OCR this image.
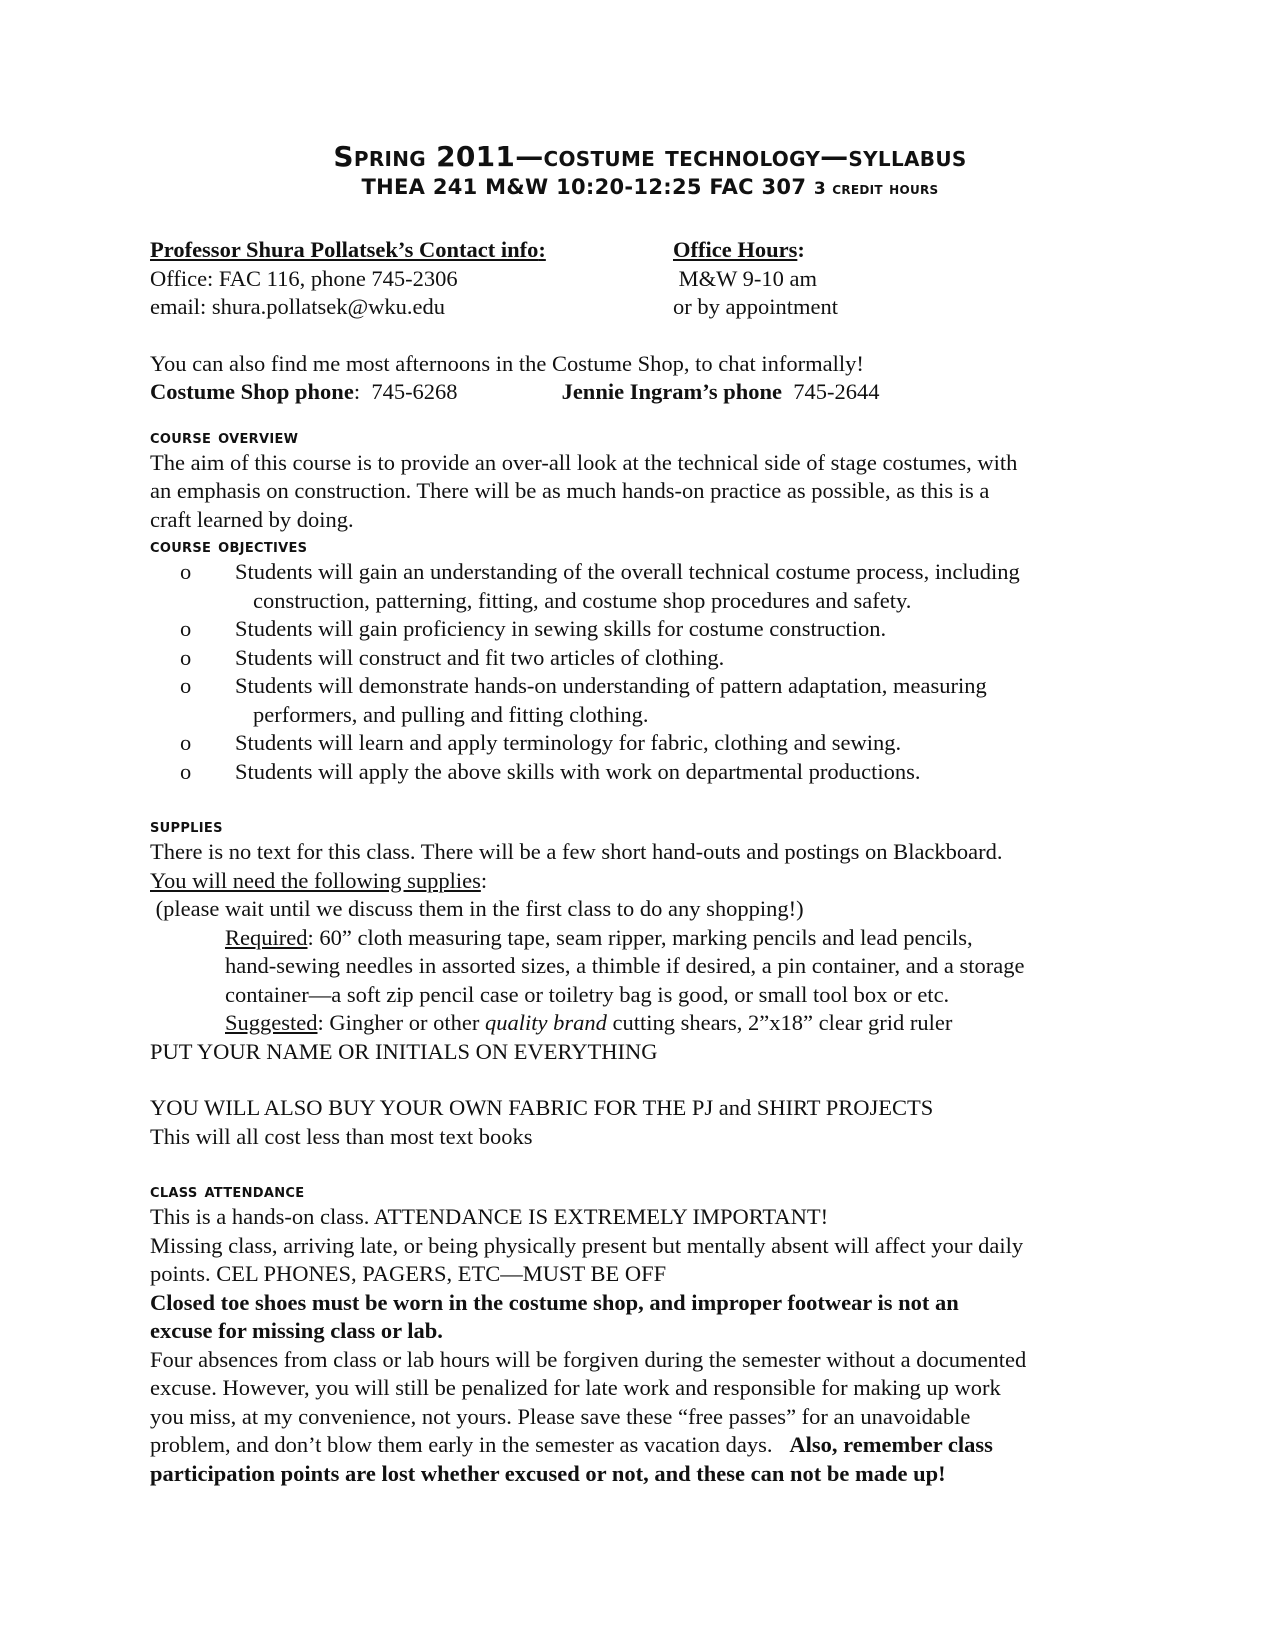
Spring 2011—costume technology—syllabus
THEA 241 M&W 10:20-12:25 FAC 307 3 credit hours
Professor Shura Pollatsek’s Contact info:
Office: FAC 116, phone 745-2306
email: shura.pollatsek@wku.edu
Office Hours:
M&W 9-10 am
or by appointment
You can also find me most afternoons in the Costume Shop, to chat informally!
Costume Shop phone:  745-6268	Jennie Ingram’s phone  745-2644
course overview
The aim of this course is to provide an over-all look at the technical side of stage costumes, with
an emphasis on construction. There will be as much hands-on practice as possible, as this is a
craft learned by doing.
course objectives
o Students will gain an understanding of the overall technical costume process, including
construction, patterning, fitting, and costume shop procedures and safety.
o Students will gain proficiency in sewing skills for costume construction.
o Students will construct and fit two articles of clothing.
o Students will demonstrate hands-on understanding of pattern adaptation, measuring
performers, and pulling and fitting clothing.
o Students will learn and apply terminology for fabric, clothing and sewing.
o Students will apply the above skills with work on departmental productions.
supplies
There is no text for this class. There will be a few short hand-outs and postings on Blackboard.
You will need the following supplies:
(please wait until we discuss them in the first class to do any shopping!)
Required: 60” cloth measuring tape, seam ripper, marking pencils and lead pencils,
hand-sewing needles in assorted sizes, a thimble if desired, a pin container, and a storage
container—a soft zip pencil case or toiletry bag is good, or small tool box or etc.
Suggested: Gingher or other quality brand cutting shears, 2”x18” clear grid ruler
PUT YOUR NAME OR INITIALS ON EVERYTHING
YOU WILL ALSO BUY YOUR OWN FABRIC FOR THE PJ and SHIRT PROJECTS
This will all cost less than most text books
class attendance
This is a hands-on class. ATTENDANCE IS EXTREMELY IMPORTANT!
Missing class, arriving late, or being physically present but mentally absent will affect your daily
points. CEL PHONES, PAGERS, ETC—MUST BE OFF
Closed toe shoes must be worn in the costume shop, and improper footwear is not an
excuse for missing class or lab.
Four absences from class or lab hours will be forgiven during the semester without a documented
excuse. However, you will still be penalized for late work and responsible for making up work
you miss, at my convenience, not yours. Please save these “free passes” for an unavoidable
problem, and don’t blow them early in the semester as vacation days.   Also, remember class
participation points are lost whether excused or not, and these can not be made up!
